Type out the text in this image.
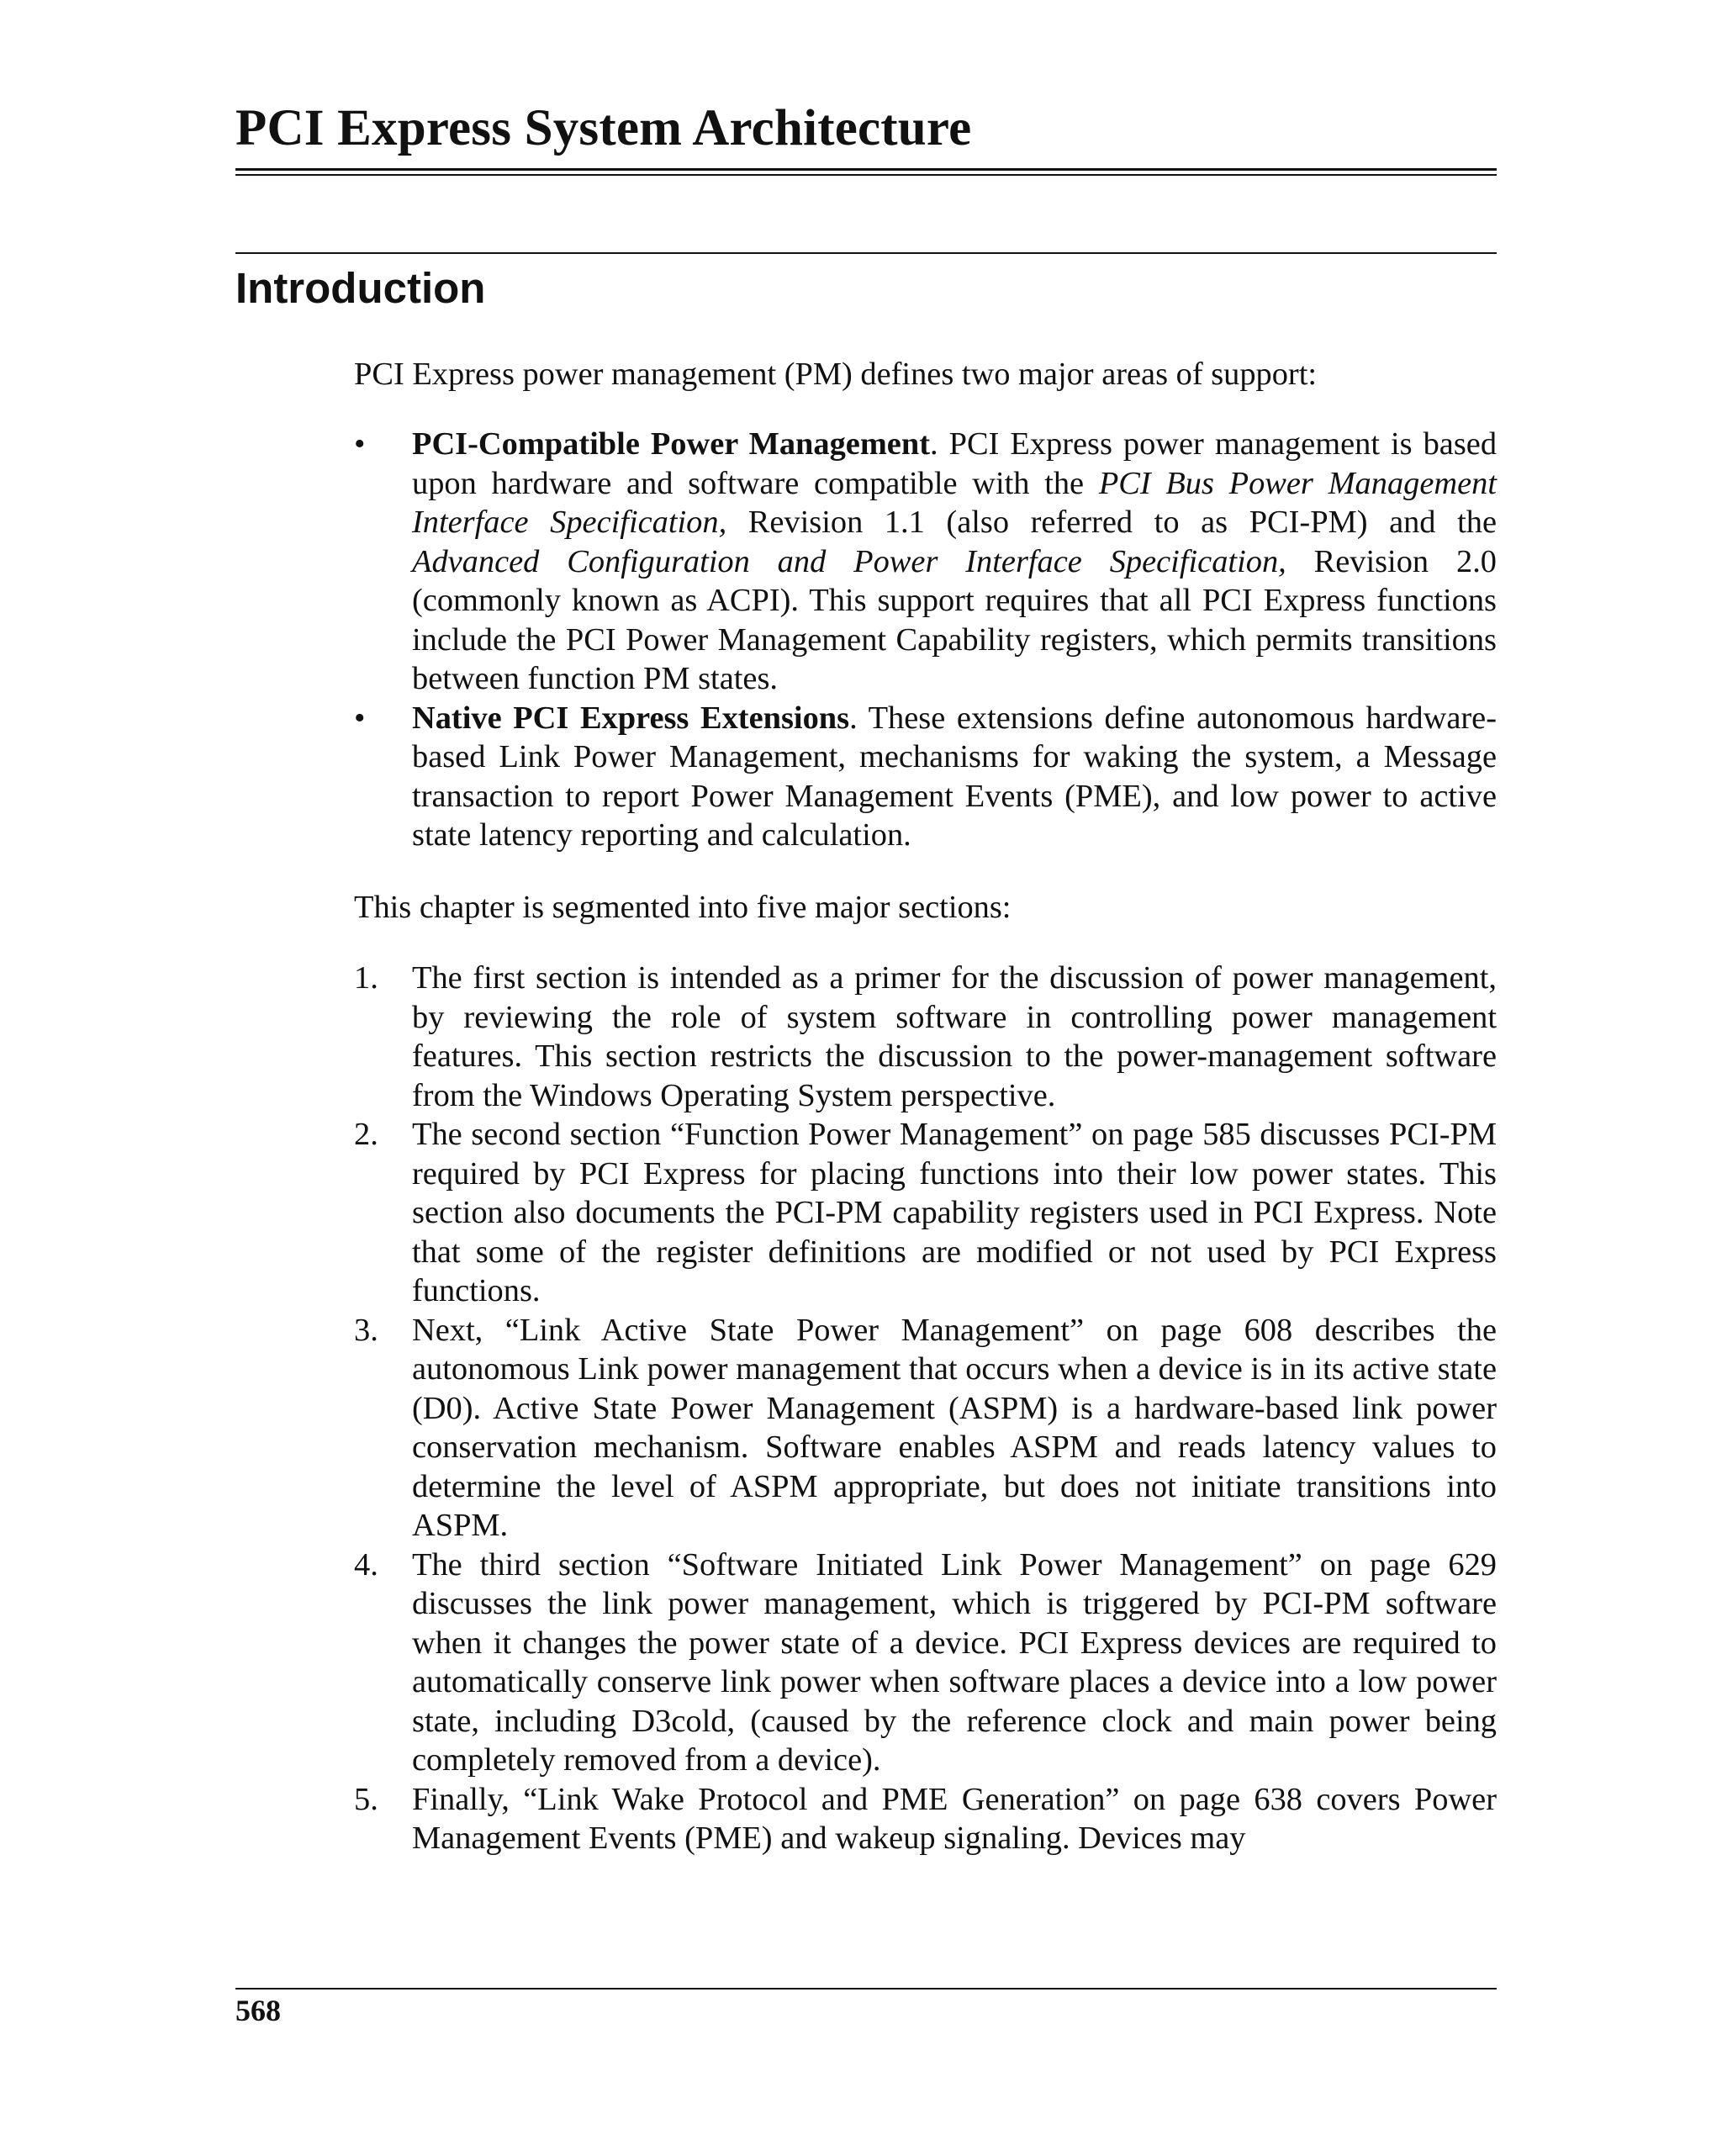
PCI Express System Architecture
Introduction

PCI Express power management (PM) defines two major areas of support:

• PCI-Compatible Power Management. PCI Express power management is based upon hardware and software compatible with the PCI Bus Power Management Interface Specification, Revision 1.1 (also referred to as PCI-PM) and the Advanced Configuration and Power Interface Specification, Revision 2.0 (commonly known as ACPI). This support requires that all PCI Express functions include the PCI Power Management Capability registers, which permits transitions between function PM states.
• Native PCI Express Extensions. These extensions define autonomous hardware-based Link Power Management, mechanisms for waking the system, a Message transaction to report Power Management Events (PME), and low power to active state latency reporting and calculation.

This chapter is segmented into five major sections:

1. The first section is intended as a primer for the discussion of power management, by reviewing the role of system software in controlling power management features. This section restricts the discussion to the power-management software from the Windows Operating System perspective.
2. The second section “Function Power Management” on page 585 discusses PCI-PM required by PCI Express for placing functions into their low power states. This section also documents the PCI-PM capability registers used in PCI Express. Note that some of the register definitions are modified or not used by PCI Express functions.
3. Next, “Link Active State Power Management” on page 608 describes the autonomous Link power management that occurs when a device is in its active state (D0). Active State Power Management (ASPM) is a hardware-based link power conservation mechanism. Software enables ASPM and reads latency values to determine the level of ASPM appropriate, but does not initiate transitions into ASPM.
4. The third section “Software Initiated Link Power Management” on page 629 discusses the link power management, which is triggered by PCI-PM software when it changes the power state of a device. PCI Express devices are required to automatically conserve link power when software places a device into a low power state, including D3cold, (caused by the reference clock and main power being completely removed from a device).
5. Finally, “Link Wake Protocol and PME Generation” on page 638 covers Power Management Events (PME) and wakeup signaling. Devices may
568
